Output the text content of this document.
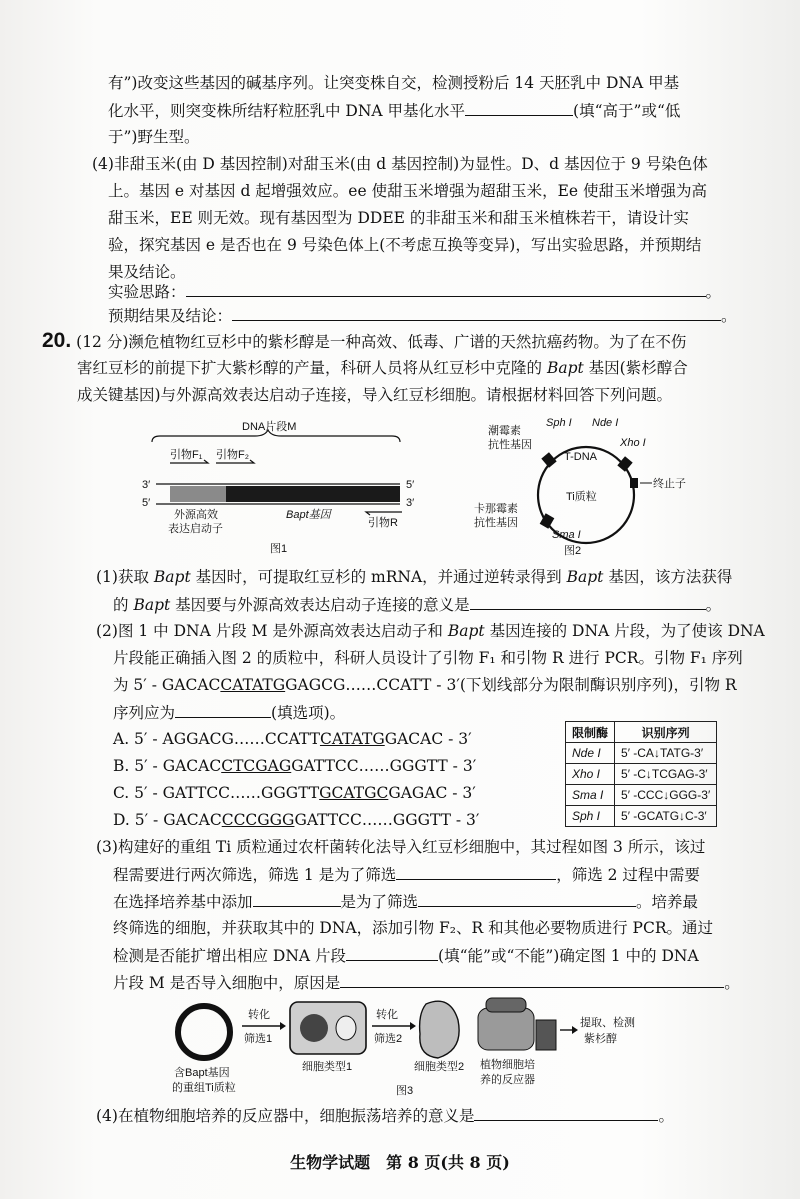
有”)改变这些基因的碱基序列。让突变株自交，检测授粉后 14 天胚乳中 DNA 甲基
化水平，则突变株所结籽粒胚乳中 DNA 甲基化水平	(填“高于”或“低
于”)野生型。
(4)非甜玉米(由 D 基因控制)对甜玉米(由 d 基因控制)为显性。D、d 基因位于 9 号染色体
上。基因 e 对基因 d 起增强效应。ee 使甜玉米增强为超甜玉米，Ee 使甜玉米增强为高
甜玉米，EE 则无效。现有基因型为 DDEE 的非甜玉米和甜玉米植株若干，请设计实
验，探究基因 e 是否也在 9 号染色体上(不考虑互换等变异)，写出实验思路，并预期结
果及结论。
实验思路：	。
预期结果及结论：	。
20. (12 分)濒危植物红豆杉中的紫杉醇是一种高效、低毒、广谱的天然抗癌药物。为了在不伤
害红豆杉的前提下扩大紫杉醇的产量，科研人员将从红豆杉中克隆的 Bapt 基因(紫杉醇合
成关键基因)与外源高效表达启动子连接，导入红豆杉细胞。请根据材料回答下列问题。
DNA片段M
引物F₁ 引物F₂
3′
5′
5′
3′
引物R
外源高效
表达启动子
Bapt基因
图1
T-DNA
Ti质粒
Sph I Nde I
Xho I
终止子
潮霉素
抗性基因
卡那霉素
抗性基因
Sma I
图2
(1)获取 Bapt 基因时，可提取红豆杉的 mRNA，并通过逆转录得到 Bapt 基因，该方法获得
的 Bapt 基因要与外源高效表达启动子连接的意义是	。
(2)图 1 中 DNA 片段 M 是外源高效表达启动子和 Bapt 基因连接的 DNA 片段，为了使该 DNA
片段能正确插入图 2 的质粒中，科研人员设计了引物 F₁ 和引物 R 进行 PCR。引物 F₁ 序列
为 5′ - GACACCATATGGAGCG……CCATT - 3′(下划线部分为限制酶识别序列)，引物 R
序列应为	(填选项)。
A. 5′ - AGGACG……CCATTCATATGGACAC - 3′
B. 5′ - GACACCTCGAGGATTCC……GGGTT - 3′
C. 5′ - GATTCC……GGGTTGCATGCGAGAC - 3′
D. 5′ - GACACCCCGGGGATTCC……GGGTT - 3′
限制酶	识别序列
Nde I	5′ -CA↓TATG-3′
Xho I	5′ -C↓TCGAG-3′
Sma I	5′ -CCC↓GGG-3′
Sph I	5′ -GCATG↓C-3′
(3)构建好的重组 Ti 质粒通过农杆菌转化法导入红豆杉细胞中，其过程如图 3 所示，该过
程需要进行两次筛选，筛选 1 是为了筛选	，筛选 2 过程中需要
在选择培养基中添加	是为了筛选	。培养最
终筛选的细胞，并获取其中的 DNA，添加引物 F₂、R 和其他必要物质进行 PCR。通过
检测是否能扩增出相应 DNA 片段	(填“能”或“不能”)确定图 1 中的 DNA
片段 M 是否导入细胞中，原因是	。
含Bapt基因
的重组Ti质粒
转化
筛选1
细胞类型1
转化
筛选2
细胞类型2 植物细胞培
养的反应器
提取、检测
紫杉醇
图3
(4)在植物细胞培养的反应器中，细胞振荡培养的意义是	。
生物学试题　第 8 页(共 8 页)
